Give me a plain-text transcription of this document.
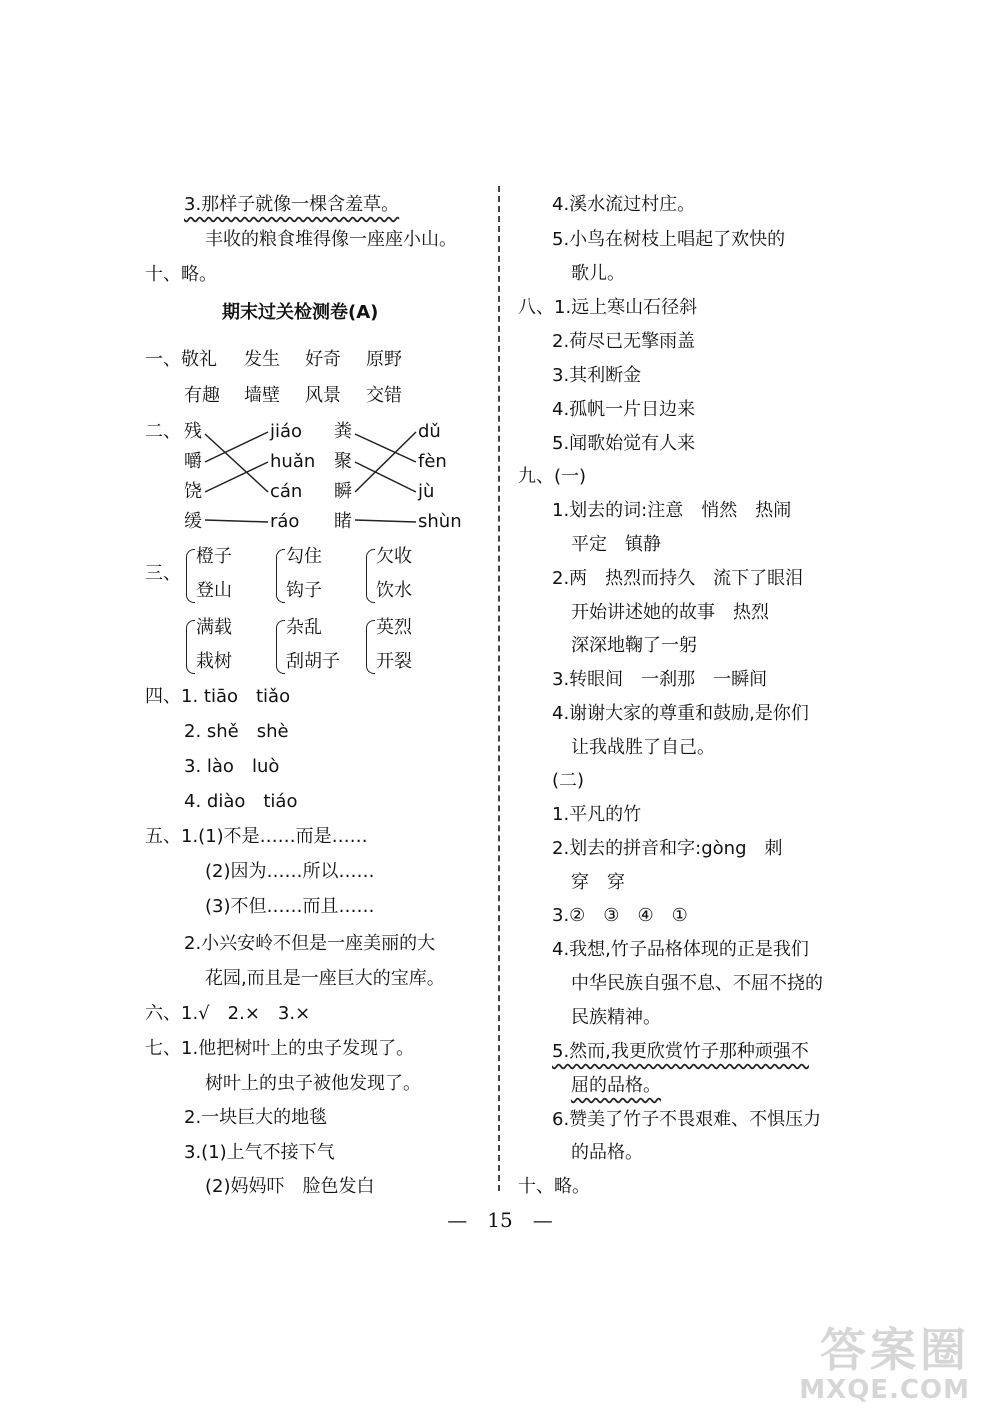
3.那样子就像一棵含羞草。
丰收的粮食堆得像一座座小山。
十、略。
期末过关检测卷(A)
一、敬礼 发生 好奇 原野
有趣 墙壁 风景 交错
二、 残
嚼
饶
缓
jiáo
huǎn
cán
ráo
粪
聚
瞬
睹
dǔ
fèn
jù
shùn
三、
橙子
登山
勾住
钩子
欠收
饮水
满载
栽树
杂乱
刮胡子
英烈
开裂
四、1. tiāo　tiǎo
2. shě　shè
3. lào　luò
4. diào　tiáo
五、1.(1)不是……而是……
(2)因为……所以……
(3)不但……而且……
2.小兴安岭不但是一座美丽的大
花园,而且是一座巨大的宝库。
六、1.√　2.×　3.×
七、1.他把树叶上的虫子发现了。
树叶上的虫子被他发现了。
2.一块巨大的地毯
3.(1)上气不接下气
(2)妈妈吓　脸色发白
4.溪水流过村庄。
5.小鸟在树枝上唱起了欢快的
歌儿。
八、1.远上寒山石径斜
2.荷尽已无擎雨盖
3.其利断金
4.孤帆一片日边来
5.闻歌始觉有人来
九、(一)
1.划去的词:注意　悄然　热闹
平定　镇静
2.两　热烈而持久　流下了眼泪
开始讲述她的故事　热烈
深深地鞠了一躬
3.转眼间　一刹那　一瞬间
4.谢谢大家的尊重和鼓励,是你们
让我战胜了自己。
(二)
1.平凡的竹
2.划去的拼音和字:gòng　刺
穿　穿
3.②　③　④　①
4.我想,竹子品格体现的正是我们
中华民族自强不息、不屈不挠的
民族精神。
5.然而,我更欣赏竹子那种顽强不
屈的品格。
6.赞美了竹子不畏艰难、不惧压力
的品格。
十、略。
—　15　—
答案圈
MXQE.COM
